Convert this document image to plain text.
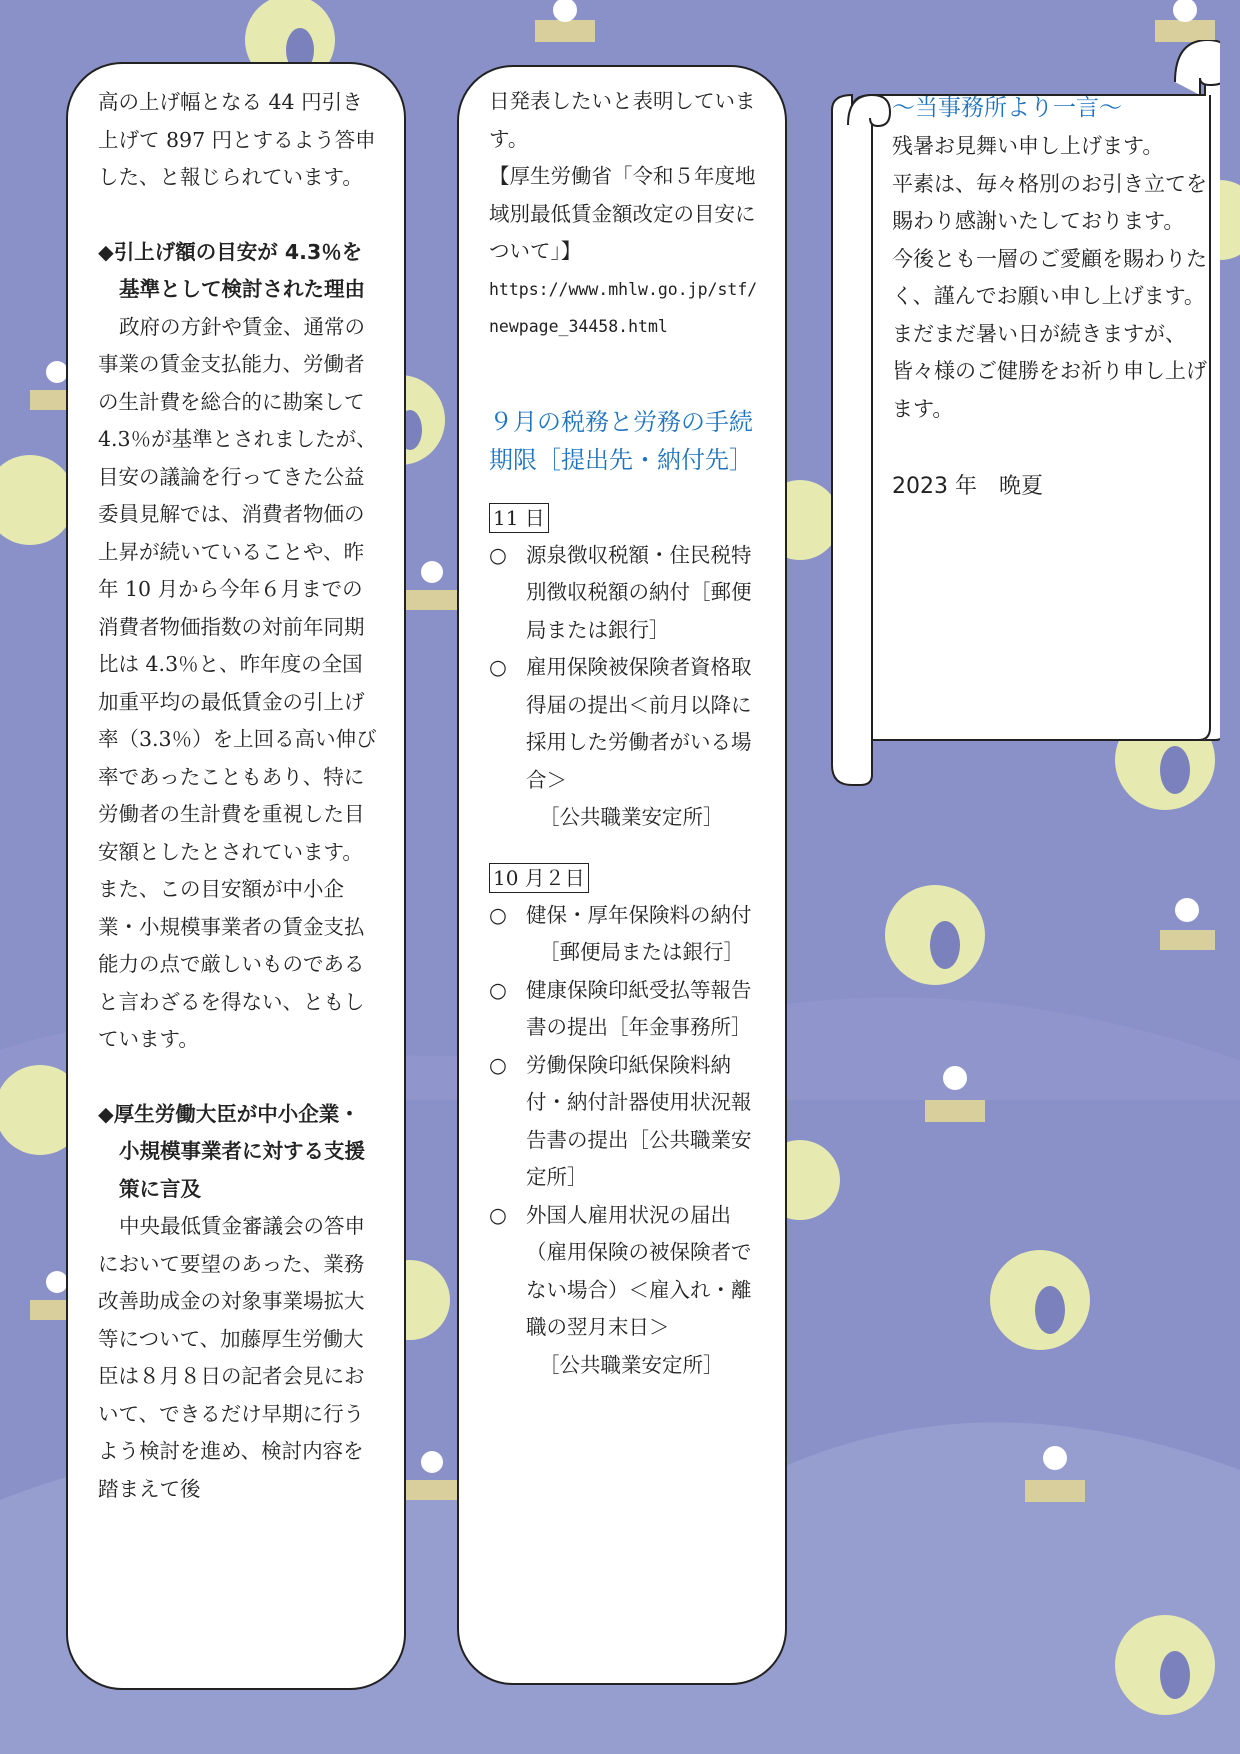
高の上げ幅となる 44 円引き上げて 897 円とするよう答申した、と報じられています。

◆引上げ額の目安が 4.3％を基準として検討された理由

政府の方針や賃金、通常の事業の賃金支払能力、労働者の生計費を総合的に勘案して 4.3％が基準とされましたが、目安の議論を行ってきた公益委員見解では、消費者物価の上昇が続いていることや、昨年 10 月から今年６月までの消費者物価指数の対前年同期比は 4.3％と、昨年度の全国加重平均の最低賃金の引上げ率（3.3％）を上回る高い伸び率であったこともあり、特に労働者の生計費を重視した目安額としたとされています。また、この目安額が中小企業・小規模事業者の賃金支払能力の点で厳しいものであると言わざるを得ない、ともしています。

◆厚生労働大臣が中小企業・小規模事業者に対する支援策に言及

中央最低賃金審議会の答申において要望のあった、業務改善助成金の対象事業場拡大等について、加藤厚生労働大臣は８月８日の記者会見において、できるだけ早期に行うよう検討を進め、検討内容を踏まえて後

日発表したいと表明しています。

【厚生労働省「令和５年度地域別最低賃金額改定の目安について」】

https://www.mhlw.go.jp/stf/newpage_34458.html

９月の税務と労務の手続期限［提出先・納付先］

11 日

○ 源泉徴収税額・住民税特別徴収税額の納付［郵便局または銀行］

○ 雇用保険被保険者資格取得届の提出＜前月以降に採用した労働者がいる場合＞

［公共職業安定所］

10 月２日

○ 健保・厚年保険料の納付

［郵便局または銀行］

○ 健康保険印紙受払等報告書の提出［年金事務所］

○ 労働保険印紙保険料納付・納付計器使用状況報告書の提出［公共職業安定所］

○ 外国人雇用状況の届出（雇用保険の被保険者でない場合）＜雇入れ・離職の翌月末日＞

［公共職業安定所］

～当事務所より一言～

残暑お見舞い申し上げます。

平素は、毎々格別のお引き立てを賜わり感謝いたしております。

今後とも一層のご愛顧を賜わりたく、謹んでお願い申し上げます。

まだまだ暑い日が続きますが、皆々様のご健勝をお祈り申し上げます。

2023 年　晩夏
